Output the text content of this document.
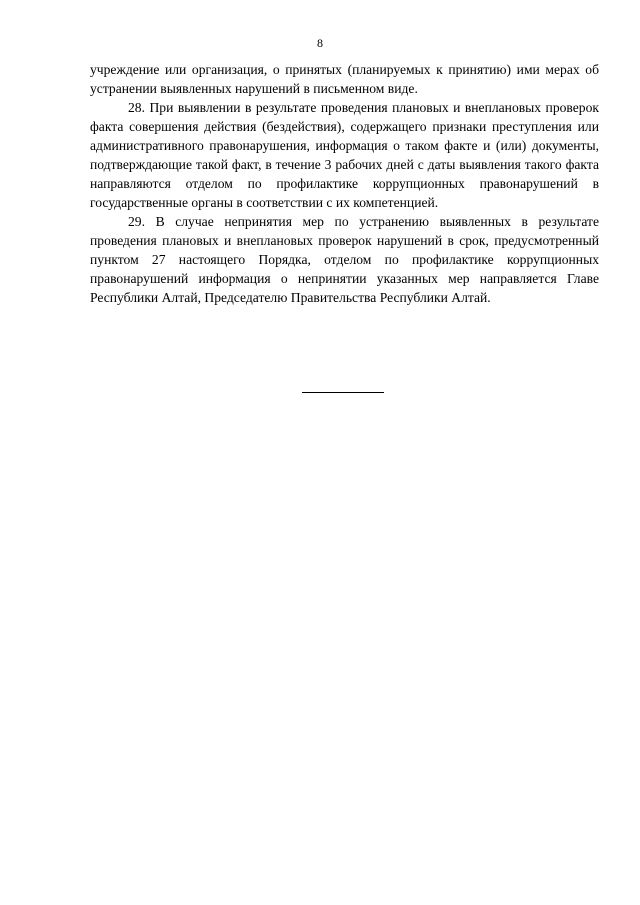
8

учреждение или организация, о принятых (планируемых к принятию) ими мерах об устранении выявленных нарушений в письменном виде.

28. При выявлении в результате проведения плановых и внеплановых проверок факта совершения действия (бездействия), содержащего признаки преступления или административного правонарушения, информация о таком факте и (или) документы, подтверждающие такой факт, в течение 3 рабочих дней с даты выявления такого факта направляются отделом по профилактике коррупционных правонарушений в государственные органы в соответствии с их компетенцией.

29. В случае непринятия мер по устранению выявленных в результате проведения плановых и внеплановых проверок нарушений в срок, предусмотренный пунктом 27 настоящего Порядка, отделом по профилактике коррупционных правонарушений информация о непринятии указанных мер направляется Главе Республики Алтай, Председателю Правительства Республики Алтай.
